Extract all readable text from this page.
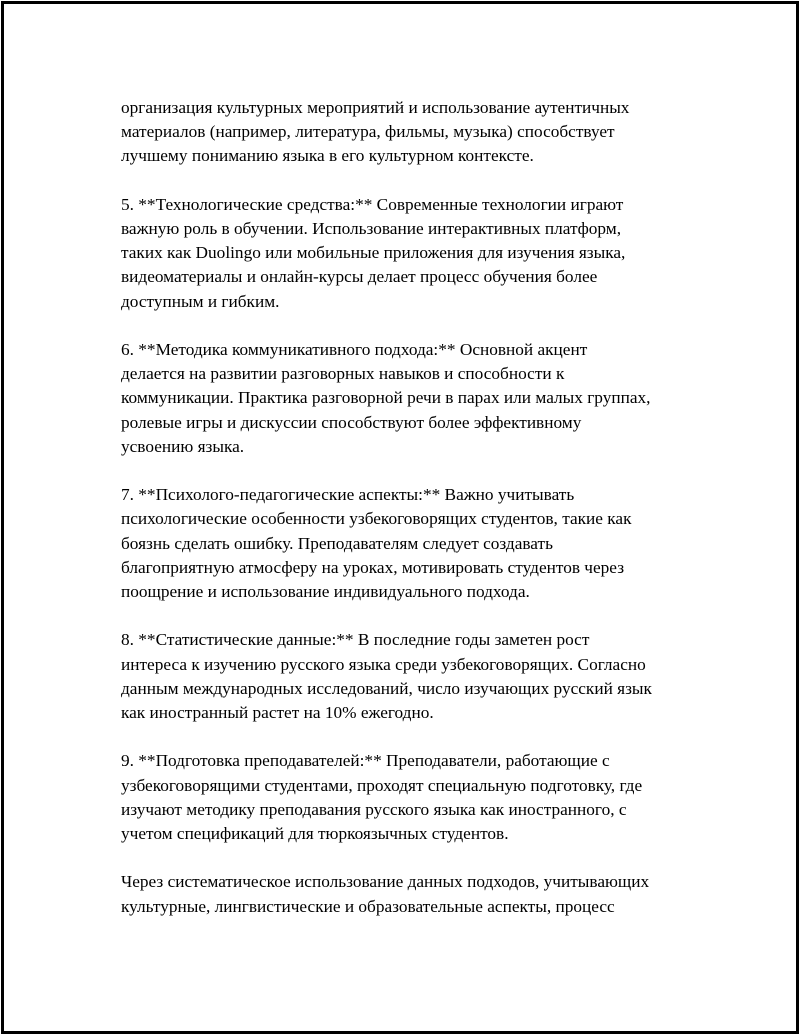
организация культурных мероприятий и использование аутентичных
материалов (например, литература, фильмы, музыка) способствует
лучшему пониманию языка в его культурном контексте.

5. **Технологические средства:** Современные технологии играют
важную роль в обучении. Использование интерактивных платформ,
таких как Duolingo или мобильные приложения для изучения языка,
видеоматериалы и онлайн-курсы делает процесс обучения более
доступным и гибким.

6. **Методика коммуникативного подхода:** Основной акцент
делается на развитии разговорных навыков и способности к
коммуникации. Практика разговорной речи в парах или малых группах,
ролевые игры и дискуссии способствуют более эффективному
усвоению языка.

7. **Психолого-педагогические аспекты:** Важно учитывать
психологические особенности узбекоговорящих студентов, такие как
боязнь сделать ошибку. Преподавателям следует создавать
благоприятную атмосферу на уроках, мотивировать студентов через
поощрение и использование индивидуального подхода.

8. **Статистические данные:** В последние годы заметен рост
интереса к изучению русского языка среди узбекоговорящих. Согласно
данным международных исследований, число изучающих русский язык
как иностранный растет на 10% ежегодно.

9. **Подготовка преподавателей:** Преподаватели, работающие с
узбекоговорящими студентами, проходят специальную подготовку, где
изучают методику преподавания русского языка как иностранного, с
учетом спецификаций для тюркоязычных студентов.

Через систематическое использование данных подходов, учитывающих
культурные, лингвистические и образовательные аспекты, процесс
